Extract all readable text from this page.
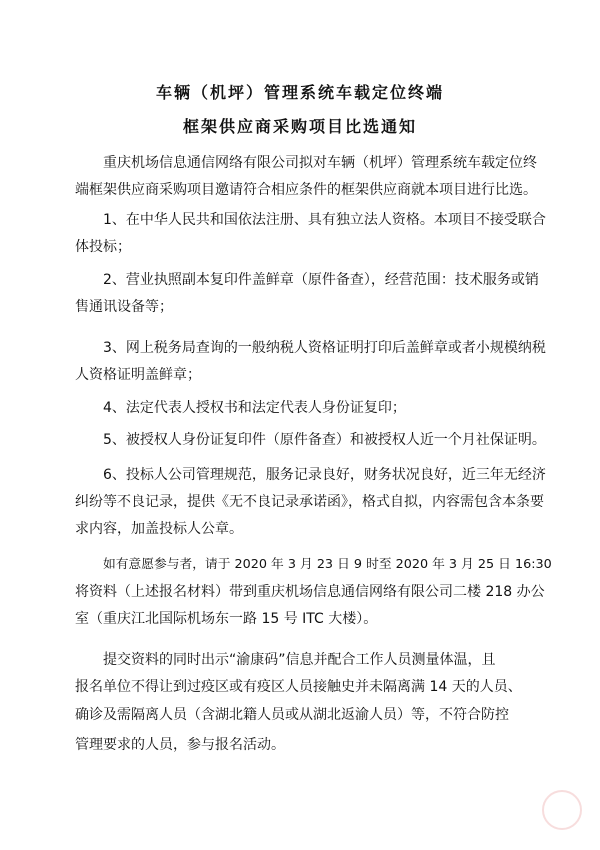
车辆（机坪）管理系统车载定位终端
框架供应商采购项目比选通知

重庆机场信息通信网络有限公司拟对车辆（机坪）管理系统车载定位终

端框架供应商采购项目邀请符合相应条件的框架供应商就本项目进行比选。

1、在中华人民共和国依法注册、具有独立法人资格。本项目不接受联合

体投标；

2、营业执照副本复印件盖鲜章（原件备查），经营范围：技术服务或销

售通讯设备等；

3、网上税务局查询的一般纳税人资格证明打印后盖鲜章或者小规模纳税

人资格证明盖鲜章；

4、法定代表人授权书和法定代表人身份证复印；

5、被授权人身份证复印件（原件备查）和被授权人近一个月社保证明。

6、投标人公司管理规范，服务记录良好，财务状况良好，近三年无经济

纠纷等不良记录，提供《无不良记录承诺函》，格式自拟，内容需包含本条要

求内容，加盖投标人公章。

如有意愿参与者，请于 2020 年 3 月 23 日 9 时至 2020 年 3 月 25 日 16:30

将资料（上述报名材料）带到重庆机场信息通信网络有限公司二楼 218 办公

室（重庆江北国际机场东一路 15 号 ITC 大楼）。

提交资料的同时出示“渝康码”信息并配合工作人员测量体温，且

报名单位不得让到过疫区或有疫区人员接触史并未隔离满 14 天的人员、

确诊及需隔离人员（含湖北籍人员或从湖北返渝人员）等，不符合防控

管理要求的人员，参与报名活动。
